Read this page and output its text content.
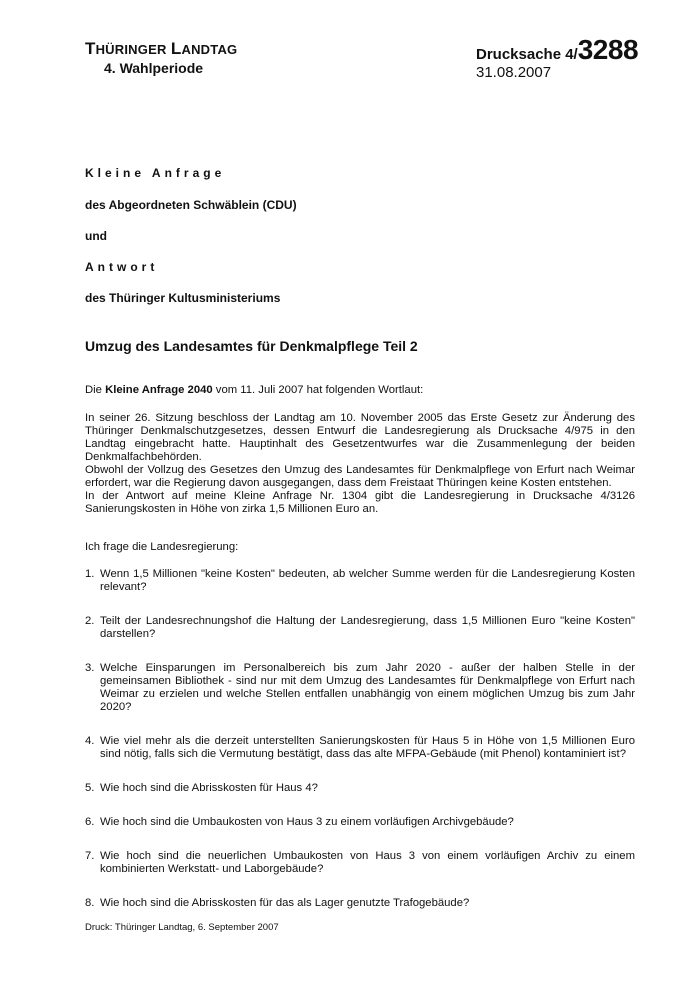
THÜRINGER LANDTAG
4. Wahlperiode
Drucksache 4/3288
31.08.2007
Kleine Anfrage
des Abgeordneten Schwäblein (CDU)
und
Antwort
des Thüringer Kultusministeriums
Umzug des Landesamtes für Denkmalpflege Teil 2

Die Kleine Anfrage 2040 vom 11. Juli 2007 hat folgenden Wortlaut:

In seiner 26. Sitzung beschloss der Landtag am 10. November 2005 das Erste Gesetz zur Änderung des Thüringer Denkmalschutzgesetzes, dessen Entwurf die Landesregierung als Drucksache 4/975 in den Landtag eingebracht hatte. Hauptinhalt des Gesetzentwurfes war die Zusammenlegung der beiden Denkmalfachbehörden.

Obwohl der Vollzug des Gesetzes den Umzug des Landesamtes für Denkmalpflege von Erfurt nach Weimar erfordert, war die Regierung davon ausgegangen, dass dem Freistaat Thüringen keine Kosten entstehen.

In der Antwort auf meine Kleine Anfrage Nr. 1304 gibt die Landesregierung in Drucksache 4/3126 Sanierungskosten in Höhe von zirka 1,5 Millionen Euro an.

Ich frage die Landesregierung:
1. Wenn 1,5 Millionen "keine Kosten" bedeuten, ab welcher Summe werden für die Landesregierung Kosten relevant?
2. Teilt der Landesrechnungshof die Haltung der Landesregierung, dass 1,5 Millionen Euro "keine Kosten" darstellen?
3. Welche Einsparungen im Personalbereich bis zum Jahr 2020 - außer der halben Stelle in der gemeinsamen Bibliothek - sind nur mit dem Umzug des Landesamtes für Denkmalpflege von Erfurt nach Weimar zu erzielen und welche Stellen entfallen unabhängig von einem möglichen Umzug bis zum Jahr 2020?
4. Wie viel mehr als die derzeit unterstellten Sanierungskosten für Haus 5 in Höhe von 1,5 Millionen Euro sind nötig, falls sich die Vermutung bestätigt, dass das alte MFPA-Gebäude (mit Phenol) kontaminiert ist?
5. Wie hoch sind die Abrisskosten für Haus 4?
6. Wie hoch sind die Umbaukosten von Haus 3 zu einem vorläufigen Archivgebäude?
7. Wie hoch sind die neuerlichen Umbaukosten von Haus 3 von einem vorläufigen Archiv zu einem kombinierten Werkstatt- und Laborgebäude?
8. Wie hoch sind die Abrisskosten für das als Lager genutzte Trafogebäude?
Druck: Thüringer Landtag, 6. September 2007
